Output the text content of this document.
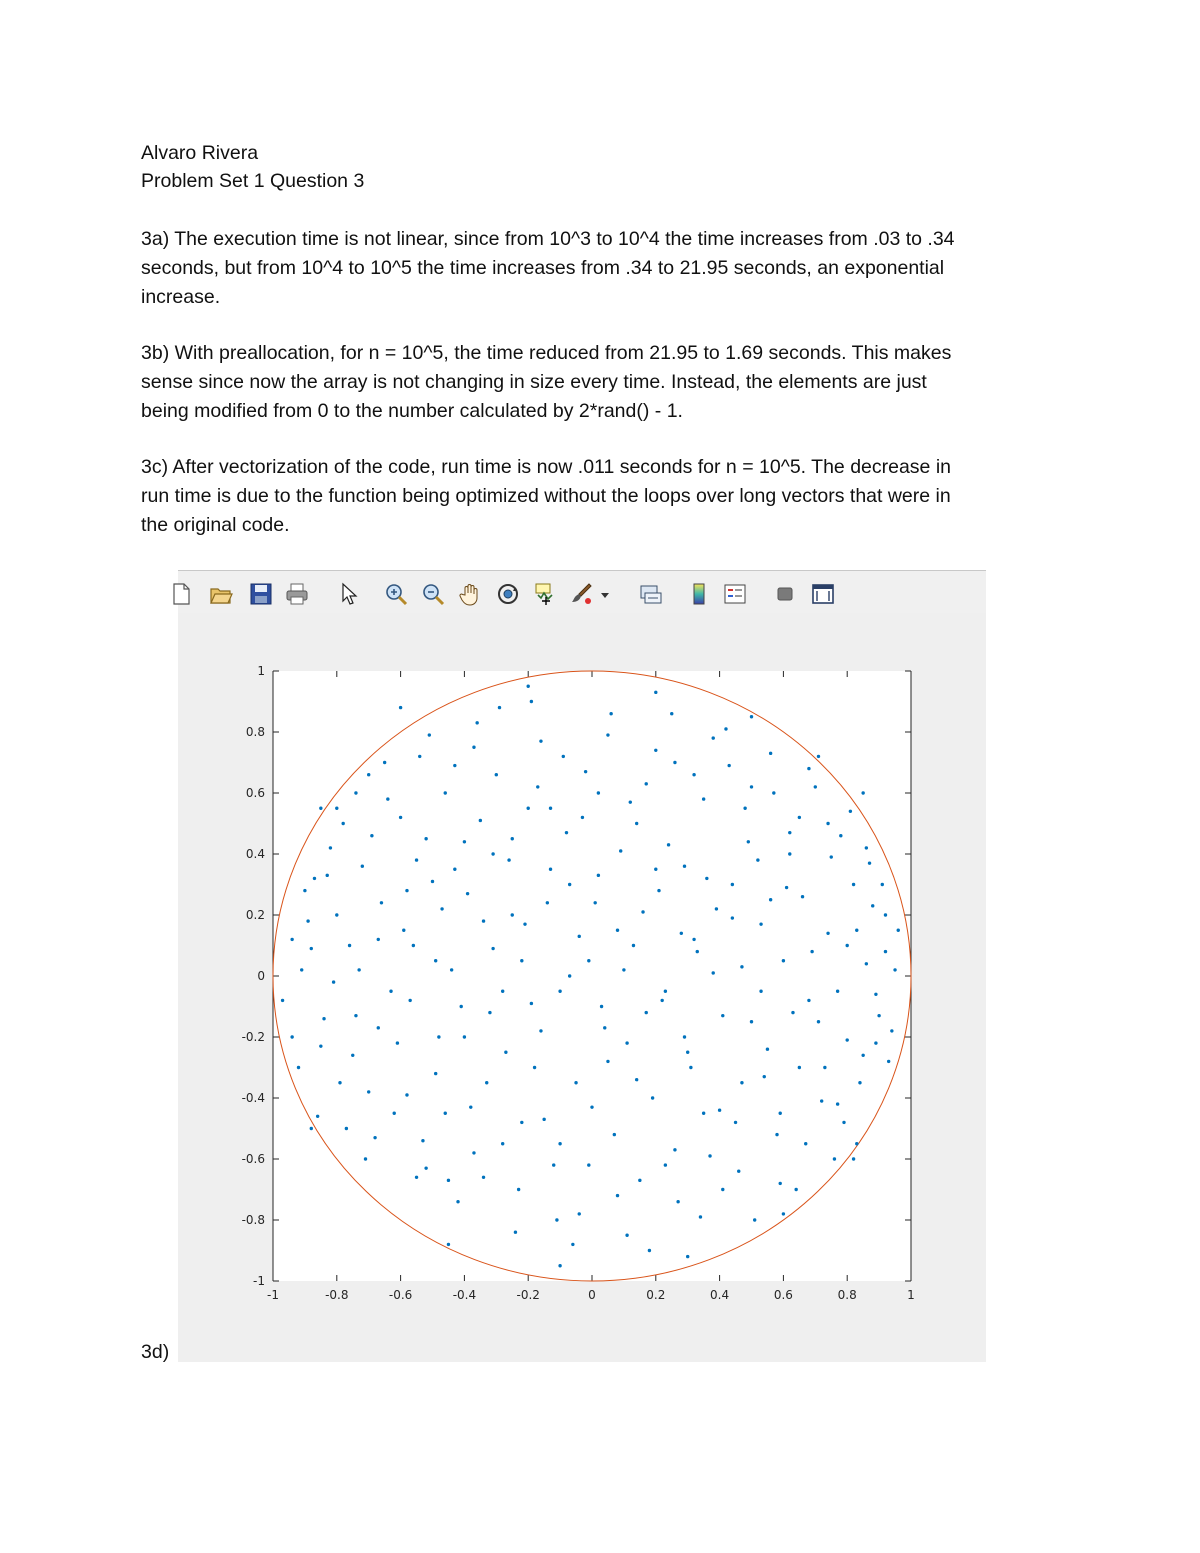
Alvaro Rivera
Problem Set 1 Question 3
3a) The execution time is not linear, since from 10^3 to 10^4 the time increases from .03 to .34
seconds, but from 10^4 to 10^5 the time increases from .34 to 21.95 seconds, an exponential
increase.
3b) With preallocation, for n = 10^5, the time reduced from 21.95 to 1.69 seconds. This makes
sense since now the array is not changing in size every time. Instead, the elements are just
being modified from 0 to the number calculated by 2*rand() - 1.
3c) After vectorization of the code, run time is now .011 seconds for n = 10^5. The decrease in
run time is due to the function being optimized without the loops over long vectors that were in
the original code.
3d)
-1	-0.8	-0.6	-0.4	-0.2	0	0.2	0.4	0.6	0.8	1
1
0.8
0.6
0.4
0.2
0
-0.2
-0.4
-0.6
-0.8
-1
